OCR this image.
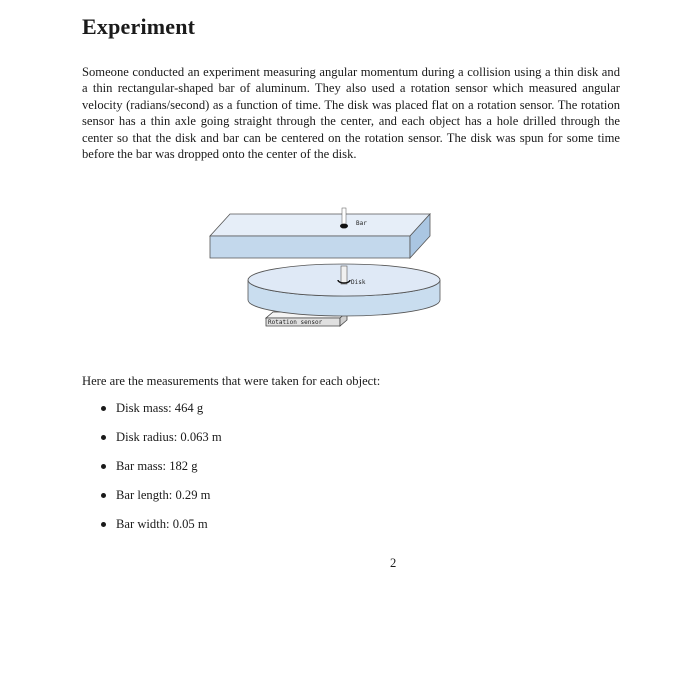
Experiment

Someone conducted an experiment measuring angular momentum during a collision using a thin disk and a thin rectangular-shaped bar of aluminum. They also used a rotation sensor which measured angular velocity (radians/second) as a function of time. The disk was placed flat on a rotation sensor. The rotation sensor has a thin axle going straight through the center, and each object has a hole drilled through the center so that the disk and bar can be centered on the rotation sensor. The disk was spun for some time before the bar was dropped onto the center of the disk.

Rotation sensor
Disk
Bar

Here are the measurements that were taken for each object:

Disk mass: 464 g
Disk radius: 0.063 m
Bar mass: 182 g
Bar length: 0.29 m
Bar width: 0.05 m

2
